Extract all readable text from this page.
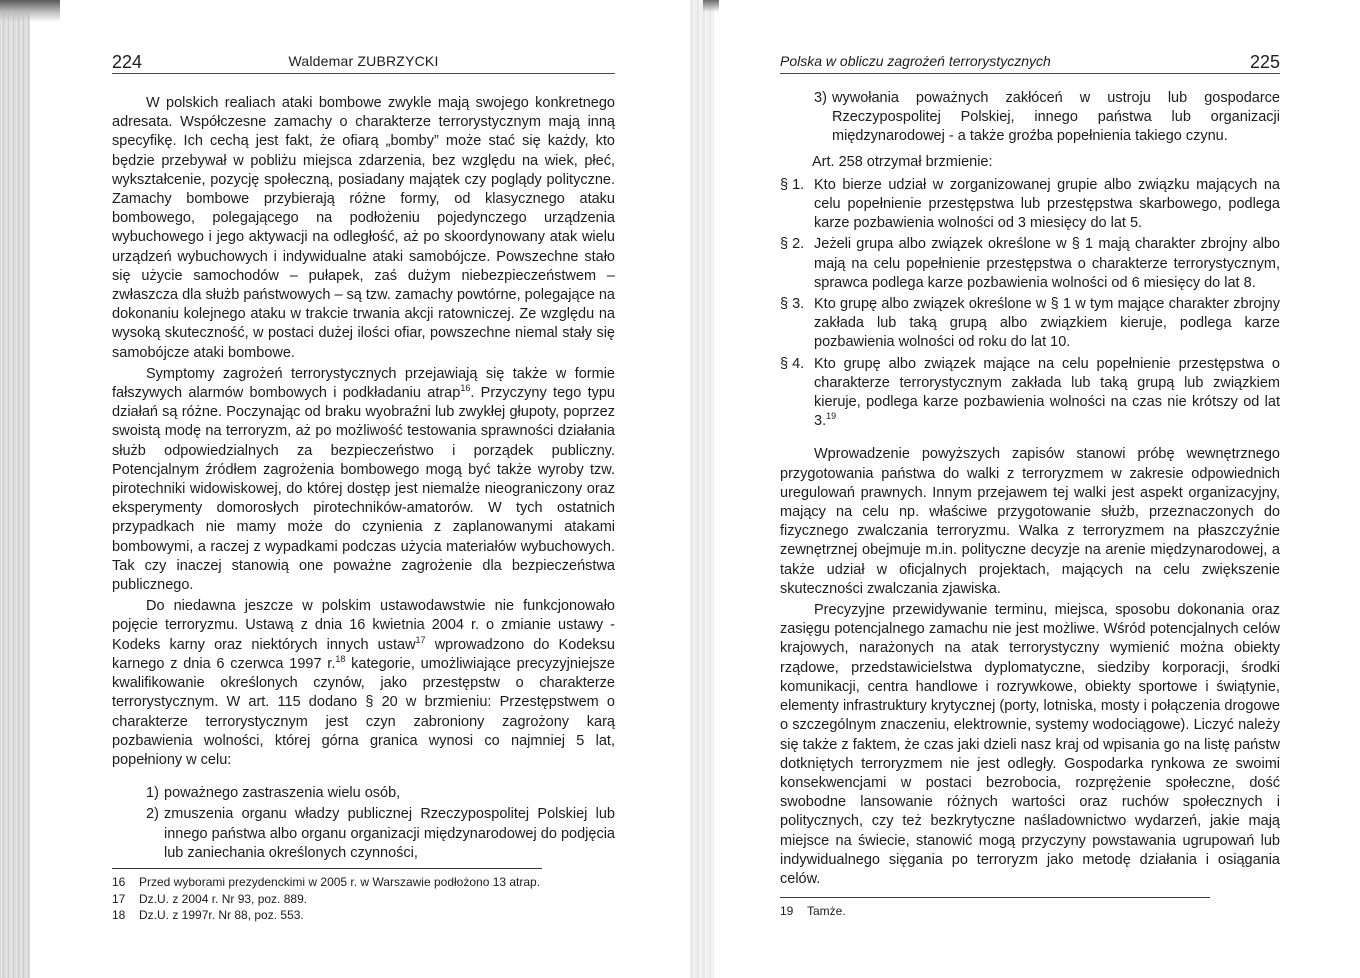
224	Waldemar ZUBRZYCKI

W polskich realiach ataki bombowe zwykle mają swojego konkretnego adresata. Współczesne zamachy o charakterze terrorystycznym mają inną specyfikę. Ich cechą jest fakt, że ofiarą „bomby” może stać się każdy, kto będzie przebywał w pobliżu miejsca zdarzenia, bez względu na wiek, płeć, wykształcenie, pozycję społeczną, posiadany majątek czy poglądy polityczne. Zamachy bombowe przybierają różne formy, od klasycznego ataku bombowego, polegającego na podłożeniu pojedynczego urządzenia wybuchowego i jego aktywacji na odległość, aż po skoordynowany atak wielu urządzeń wybuchowych i indywidualne ataki samobójcze. Powszechne stało się użycie samochodów – pułapek, zaś dużym niebezpieczeństwem – zwłaszcza dla służb państwowych – są tzw. zamachy powtórne, polegające na dokonaniu kolejnego ataku w trakcie trwania akcji ratowniczej. Ze względu na wysoką skuteczność, w postaci dużej ilości ofiar, powszechne niemal stały się samobójcze ataki bombowe.

Symptomy zagrożeń terrorystycznych przejawiają się także w formie fałszywych alarmów bombowych i podkładaniu atrap$^{16}$. Przyczyny tego typu działań są różne. Poczynając od braku wyobraźni lub zwykłej głupoty, poprzez swoistą modę na terroryzm, aż po możliwość testowania sprawności działania służb odpowiedzialnych za bezpieczeństwo i porządek publiczny. Potencjalnym źródłem zagrożenia bombowego mogą być także wyroby tzw. pirotechniki widowiskowej, do której dostęp jest niemalże nieograniczony oraz eksperymenty domorosłych pirotechników-amatorów. W tych ostatnich przypadkach nie mamy może do czynienia z zaplanowanymi atakami bombowymi, a raczej z wypadkami podczas użycia materiałów wybuchowych. Tak czy inaczej stanowią one poważne zagrożenie dla bezpieczeństwa publicznego.

Do niedawna jeszcze w polskim ustawodawstwie nie funkcjonowało pojęcie terroryzmu. Ustawą z dnia 16 kwietnia 2004 r. o zmianie ustawy - Kodeks karny oraz niektórych innych ustaw$^{17}$ wprowadzono do Kodeksu karnego z dnia 6 czerwca 1997 r.$^{18}$ kategorie, umożliwiające precyzyjniejsze kwalifikowanie określonych czynów, jako przestępstw o charakterze terrorystycznym. W art. 115 dodano § 20 w brzmieniu: Przestępstwem o charakterze terrorystycznym jest czyn zabroniony zagrożony karą pozbawienia wolności, której górna granica wynosi co najmniej 5 lat, popełniony w celu:

1) poważnego zastraszenia wielu osób,
2) zmuszenia organu władzy publicznej Rzeczypospolitej Polskiej lub innego państwa albo organu organizacji międzynarodowej do podjęcia lub zaniechania określonych czynności,
16	Przed wyborami prezydenckimi w 2005 r. w Warszawie podłożono 13 atrap.
17	Dz.U. z 2004 r. Nr 93, poz. 889.
18	Dz.U. z 1997r. Nr 88, poz. 553.
Polska w obliczu zagrożeń terrorystycznych	225
3) wywołania poważnych zakłóceń w ustroju lub gospodarce Rzeczypospolitej Polskiej, innego państwa lub organizacji międzynarodowej - a także groźba popełnienia takiego czynu.

Art. 258 otrzymał brzmienie:

§ 1. Kto bierze udział w zorganizowanej grupie albo związku mających na celu popełnienie przestępstwa lub przestępstwa skarbowego, podlega karze pozbawienia wolności od 3 miesięcy do lat 5.
§ 2. Jeżeli grupa albo związek określone w § 1 mają charakter zbrojny albo mają na celu popełnienie przestępstwa o charakterze terrorystycznym, sprawca podlega karze pozbawienia wolności od 6 miesięcy do lat 8.
§ 3. Kto grupę albo związek określone w § 1 w tym mające charakter zbrojny zakłada lub taką grupą albo związkiem kieruje, podlega karze pozbawienia wolności od roku do lat 10.
§ 4. Kto grupę albo związek mające na celu popełnienie przestępstwa o charakterze terrorystycznym zakłada lub taką grupą lub związkiem kieruje, podlega karze pozbawienia wolności na czas nie krótszy od lat 3.19

Wprowadzenie powyższych zapisów stanowi próbę wewnętrznego przygotowania państwa do walki z terroryzmem w zakresie odpowiednich uregulowań prawnych. Innym przejawem tej walki jest aspekt organizacyjny, mający na celu np. właściwe przygotowanie służb, przeznaczonych do fizycznego zwalczania terroryzmu. Walka z terroryzmem na płaszczyźnie zewnętrznej obejmuje m.in. polityczne decyzje na arenie międzynarodowej, a także udział w oficjalnych projektach, mających na celu zwiększenie skuteczności zwalczania zjawiska.

Precyzyjne przewidywanie terminu, miejsca, sposobu dokonania oraz zasięgu potencjalnego zamachu nie jest możliwe. Wśród potencjalnych celów krajowych, narażonych na atak terrorystyczny wymienić można obiekty rządowe, przedstawicielstwa dyplomatyczne, siedziby korporacji, środki komunikacji, centra handlowe i rozrywkowe, obiekty sportowe i świątynie, elementy infrastruktury krytycznej (porty, lotniska, mosty i połączenia drogowe o szczególnym znaczeniu, elektrownie, systemy wodociągowe). Liczyć należy się także z faktem, że czas jaki dzieli nasz kraj od wpisania go na listę państw dotkniętych terroryzmem nie jest odległy. Gospodarka rynkowa ze swoimi konsekwencjami w postaci bezrobocia, rozprężenie społeczne, dość swobodne lansowanie różnych wartości oraz ruchów społecznych i politycznych, czy też bezkrytyczne naśladownictwo wydarzeń, jakie mają miejsce na świecie, stanowić mogą przyczyny powstawania ugrupowań lub indywidualnego sięgania po terroryzm jako metodę działania i osiągania celów.

19	Tamże.
